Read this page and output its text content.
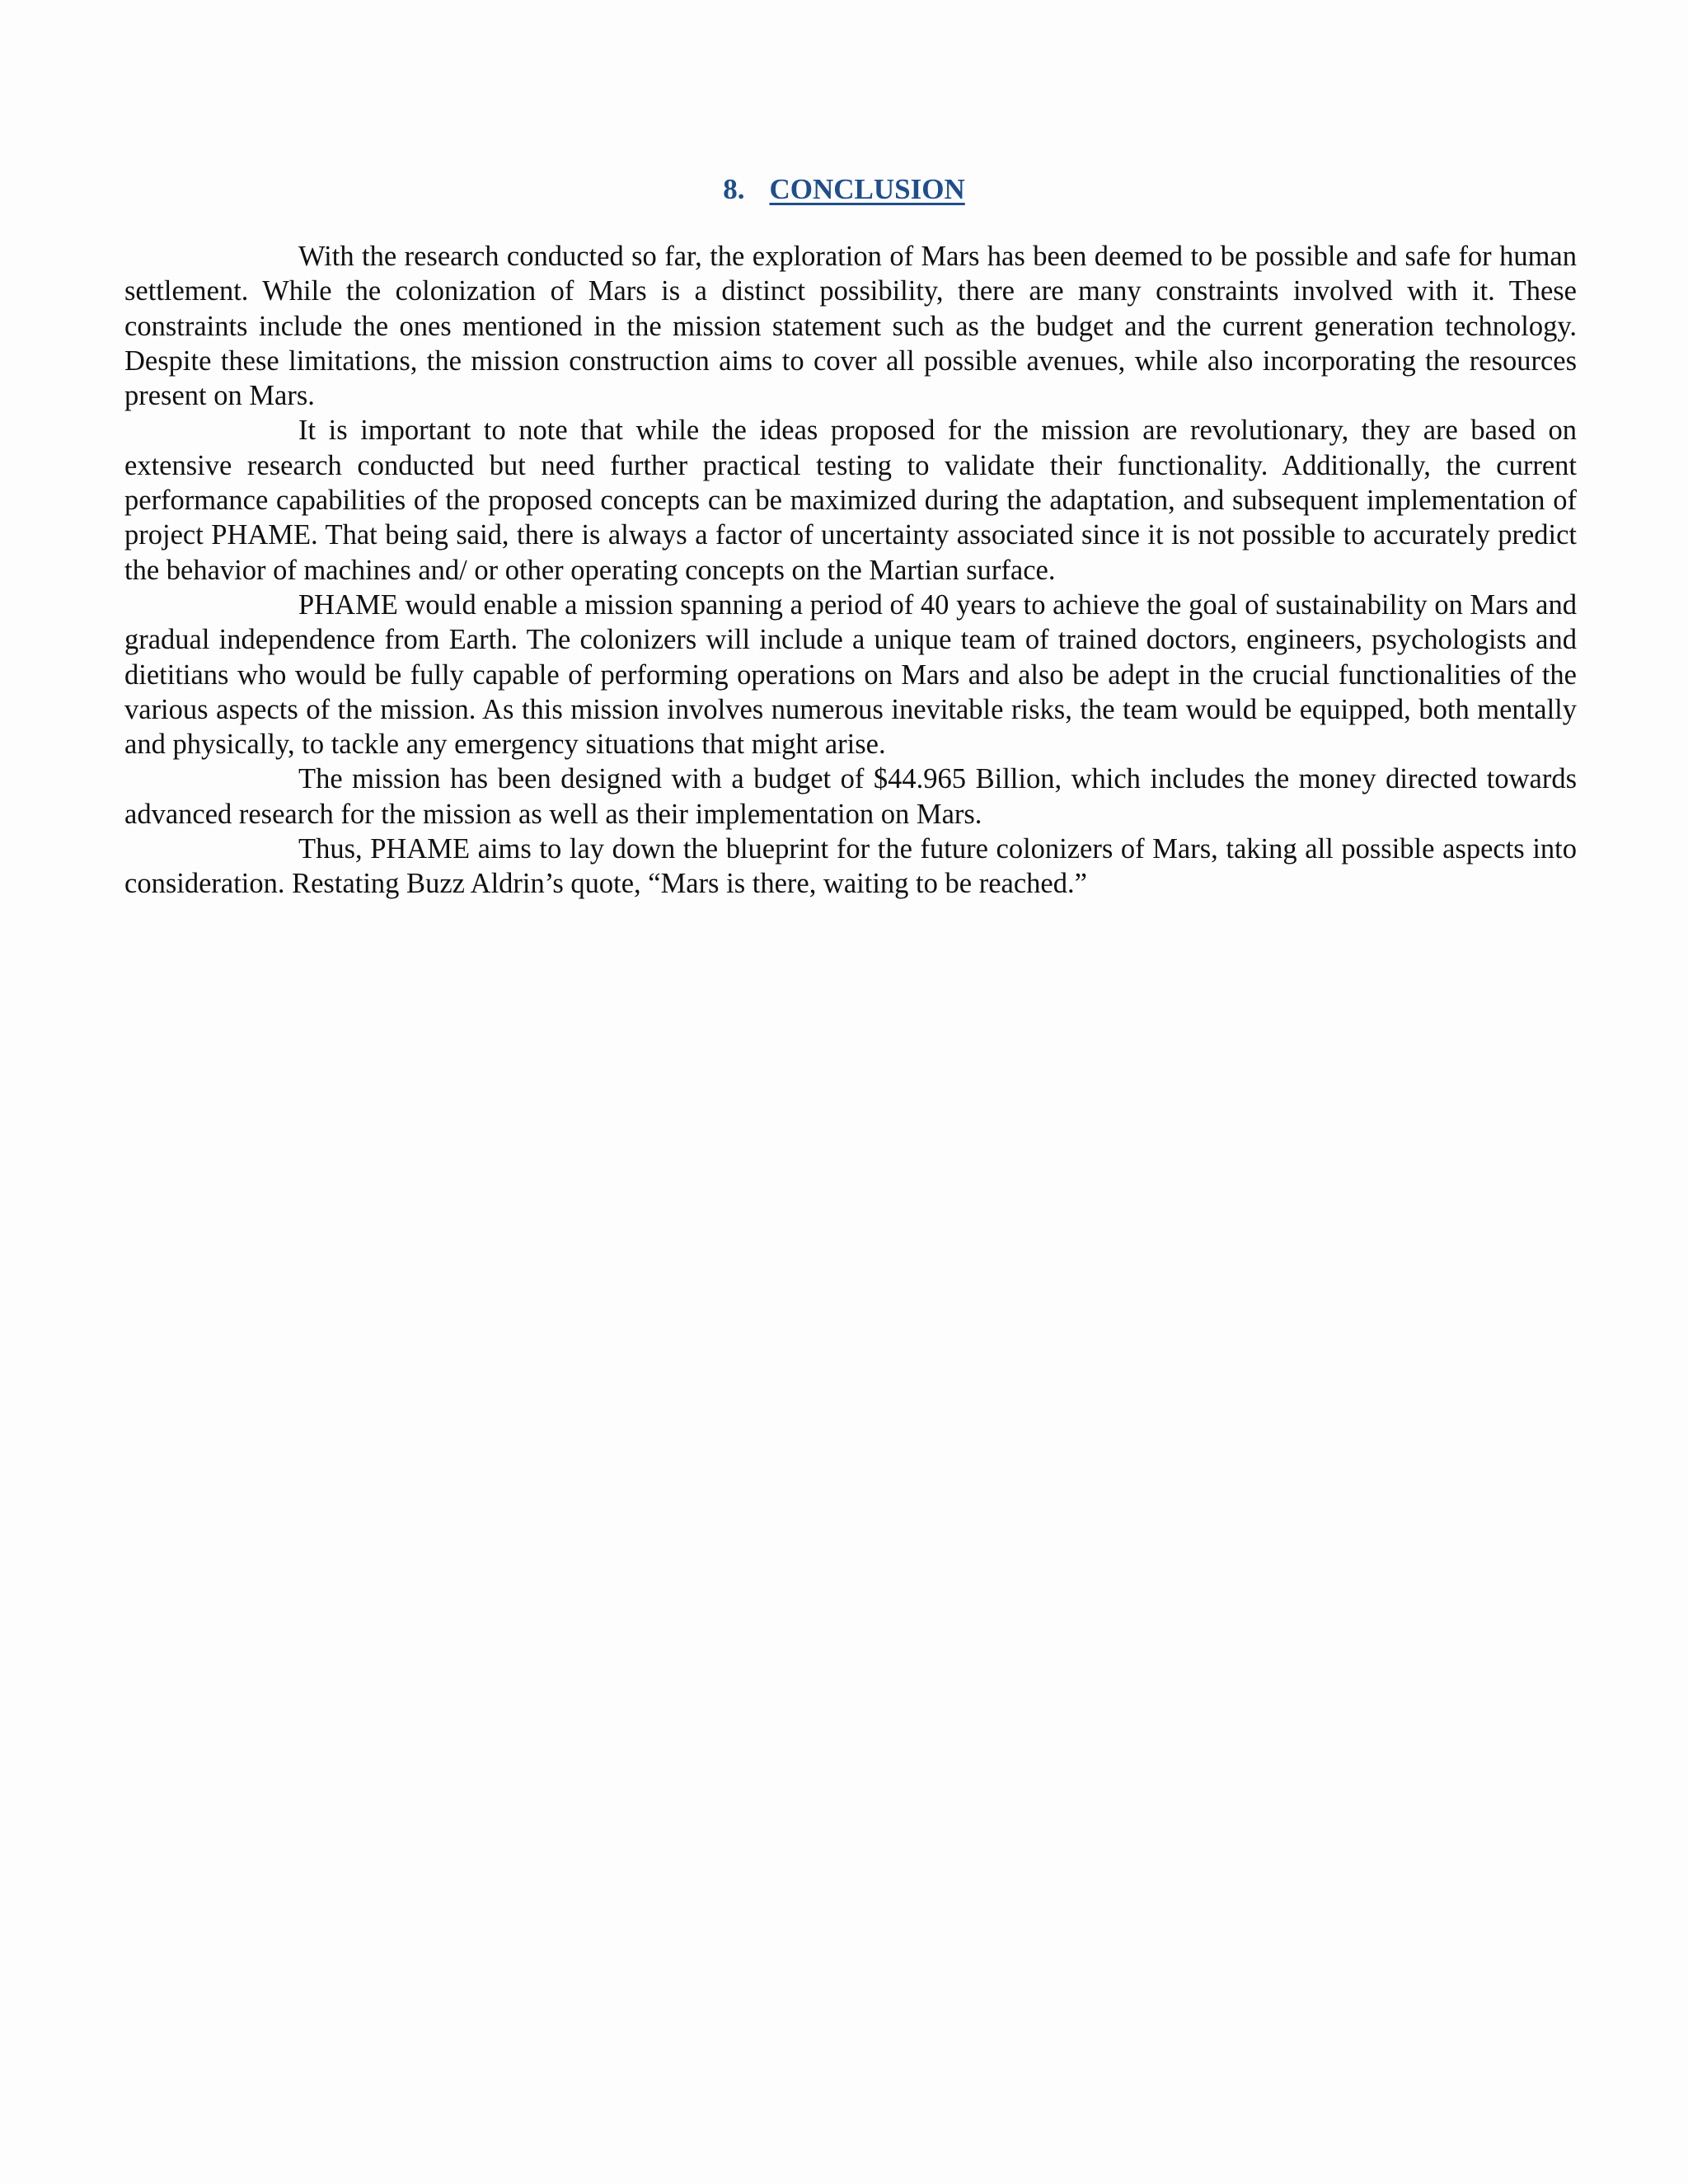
8. CONCLUSION

With the research conducted so far, the exploration of Mars has been deemed to be possible and safe for human settlement. While the colonization of Mars is a distinct possibility, there are many constraints involved with it. These constraints include the ones mentioned in the mission statement such as the budget and the current generation technology. Despite these limitations, the mission construction aims to cover all possible avenues, while also incorporating the resources present on Mars.

It is important to note that while the ideas proposed for the mission are revolutionary, they are based on extensive research conducted but need further practical testing to validate their functionality. Additionally, the current performance capabilities of the proposed concepts can be maximized during the adaptation, and subsequent implementation of project PHAME. That being said, there is always a factor of uncertainty associated since it is not possible to accurately predict the behavior of machines and/ or other operating concepts on the Martian surface.

PHAME would enable a mission spanning a period of 40 years to achieve the goal of sustainability on Mars and gradual independence from Earth. The colonizers will include a unique team of trained doctors, engineers, psychologists and dietitians who would be fully capable of performing operations on Mars and also be adept in the crucial functionalities of the various aspects of the mission. As this mission involves numerous inevitable risks, the team would be equipped, both mentally and physically, to tackle any emergency situations that might arise.

The mission has been designed with a budget of $44.965 Billion, which includes the money directed towards advanced research for the mission as well as their implementation on Mars.

Thus, PHAME aims to lay down the blueprint for the future colonizers of Mars, taking all possible aspects into consideration. Restating Buzz Aldrin’s quote, “Mars is there, waiting to be reached.”
